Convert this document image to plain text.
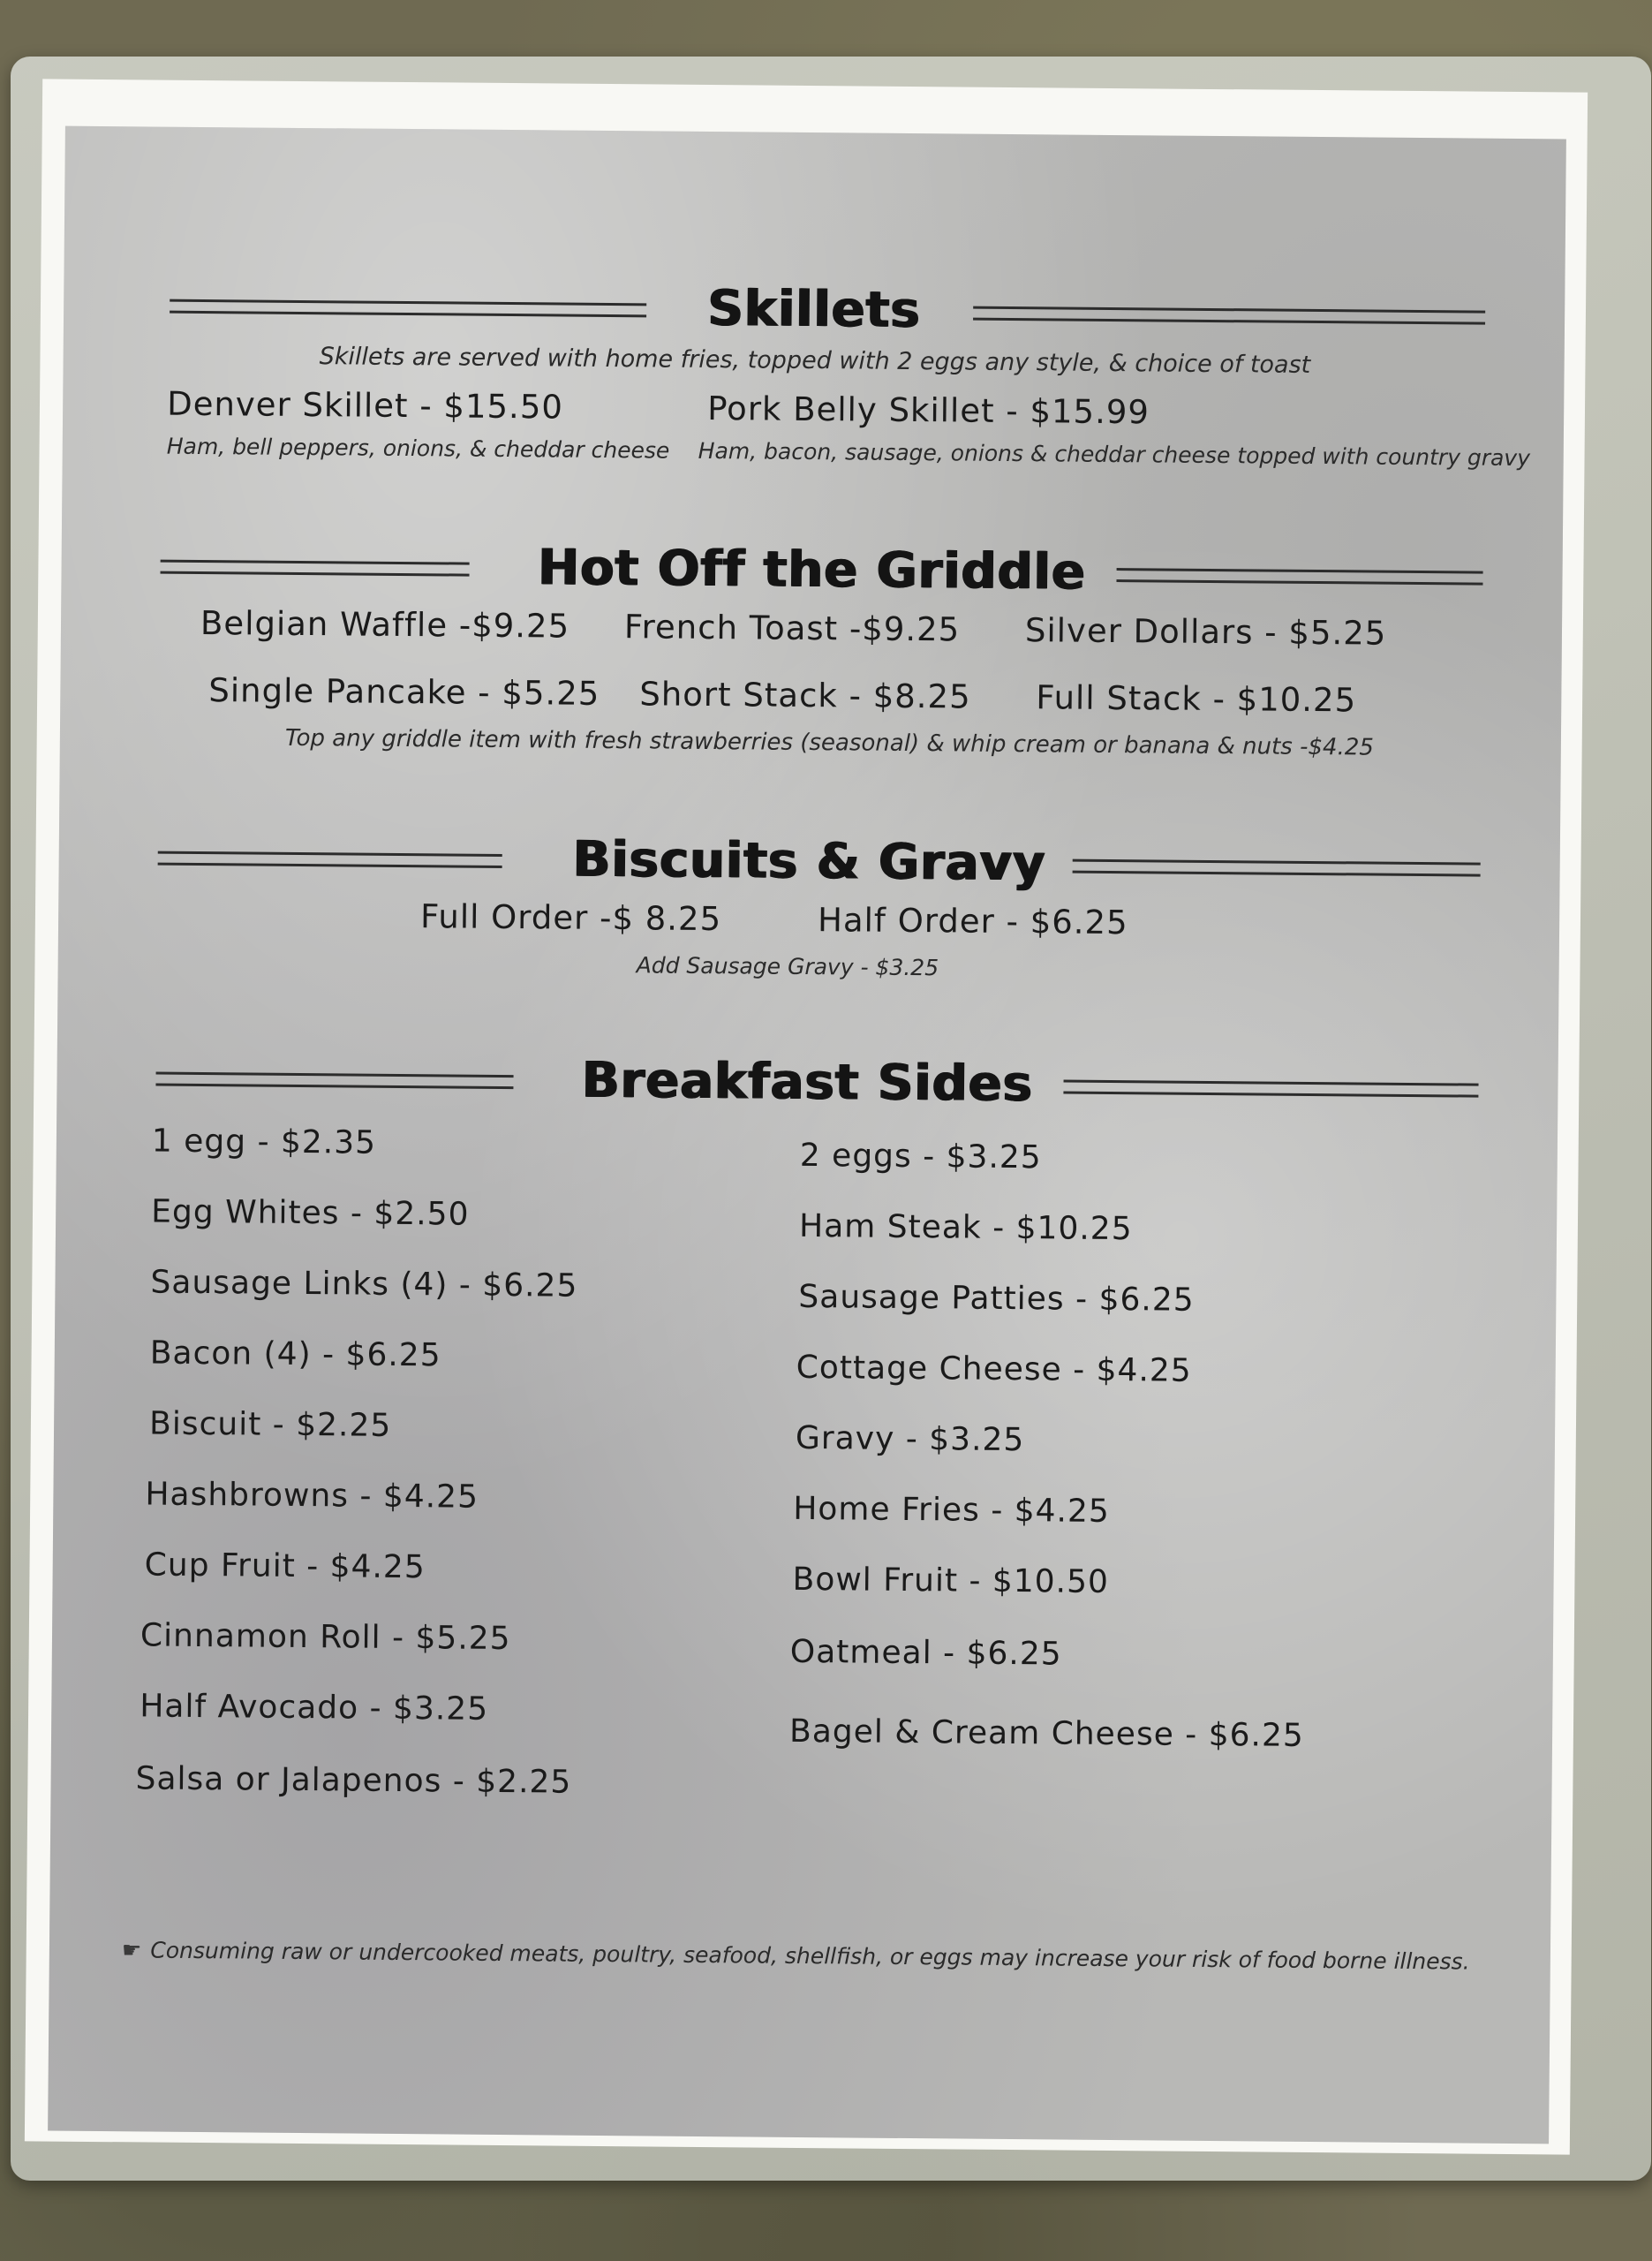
Skillets
Skillets are served with home fries, topped with 2 eggs any style, & choice of toast
Denver Skillet - $15.50
Ham, bell peppers, onions, & cheddar cheese
Pork Belly Skillet - $15.99
Ham, bacon, sausage, onions & cheddar cheese topped with country gravy
Hot Off the Griddle
Belgian Waffle -$9.25 French Toast -$9.25 Silver Dollars - $5.25
Single Pancake - $5.25 Short Stack - $8.25 Full Stack - $10.25
Top any griddle item with fresh strawberries (seasonal) & whip cream or banana & nuts -$4.25
Biscuits & Gravy
Full Order -$ 8.25	Half Order - $6.25
Add Sausage Gravy - $3.25
Breakfast Sides
1 egg - $2.35
Egg Whites - $2.50
Sausage Links (4) - $6.25
Bacon (4) - $6.25
Biscuit - $2.25
Hashbrowns - $4.25
Cup Fruit - $4.25
Cinnamon Roll - $5.25
Half Avocado - $3.25
Salsa or Jalapenos - $2.25
2 eggs - $3.25
Ham Steak - $10.25
Sausage Patties - $6.25
Cottage Cheese - $4.25
Gravy - $3.25
Home Fries - $4.25
Bowl Fruit - $10.50
Oatmeal - $6.25
Bagel & Cream Cheese - $6.25
☛ Consuming raw or undercooked meats, poultry, seafood, shellfish, or eggs may increase your risk of food borne illness.
